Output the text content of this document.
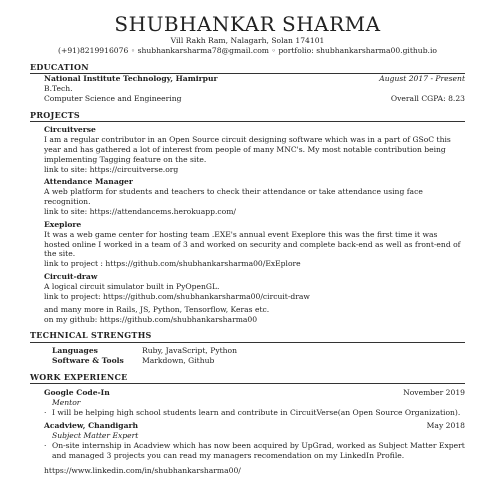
SHUBHANKAR SHARMA
Vill Rakh Ram, Nalagarh, Solan 174101
(+91)8219916076 ◦ shubhankarsharma78@gmail.com ◦ portfolio: shubhankarsharma00.github.io
EDUCATION
National Institute Technology, Hamirpur	August 2017 - Present
B.Tech.
Computer Science and Engineering	Overall CGPA: 8.23
PROJECTS
Circuitverse
I am a regular contributor in an Open Source circuit designing software which was in a part of GSoC this year and has gathered a lot of interest from people of many MNC's. My most notable contribution being implementing Tagging feature on the site.
link to site: https://circuitverse.org
Attendance Manager
A web platform for students and teachers to check their attendance or take attendance using face recognition.
link to site: https://attendancems.herokuapp.com/
Exeplore
It was a web game center for hosting team .EXE's annual event Exeplore this was the first time it was hosted online I worked in a team of 3 and worked on security and complete back-end as well as front-end of the site.
link to project : https://github.com/shubhankarsharma00/ExEplore
Circuit-draw
A logical circuit simulator built in PyOpenGL.
link to project: https://github.com/shubhankarsharma00/circuit-draw
and many more in Rails, JS, Python, Tensorflow, Keras etc.
on my github: https://github.com/shubhankarsharma00
TECHNICAL STRENGTHS
Languages	Ruby, JavaScript, Python
Software & Tools	Markdown, Github
WORK EXPERIENCE
Google Code-In	November 2019
Mentor
· I will be helping high school students learn and contribute in CircuitVerse(an Open Source Organization).
Acadview, Chandigarh	May 2018
Subject Matter Expert
· On-site internship in Acadview which has now been acquired by UpGrad, worked as Subject Matter Expert and managed 3 projects you can read my managers recomendation on my LinkedIn Profile.
https://www.linkedin.com/in/shubhankarsharma00/
